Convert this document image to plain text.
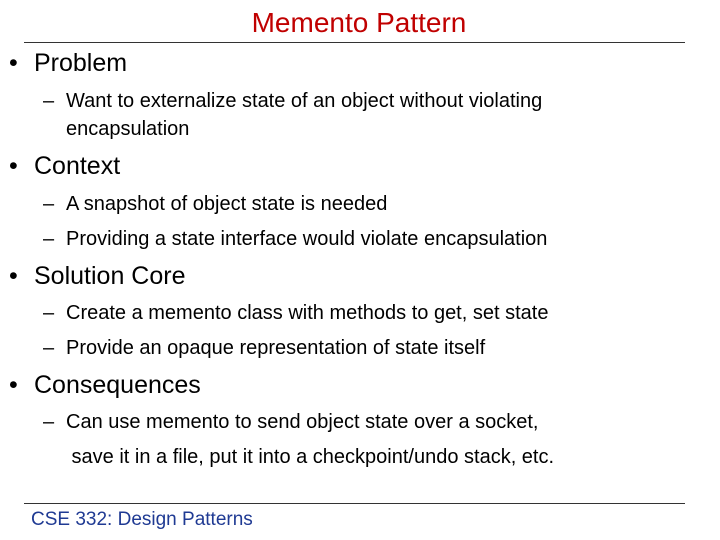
Memento Pattern
• Problem
– Want to externalize state of an object without violating
encapsulation
• Context
– A snapshot of object state is needed
– Providing a state interface would violate encapsulation
• Solution Core
– Create a memento class with methods to get, set state
– Provide an opaque representation of state itself
• Consequences
– Can use memento to send object state over a socket,
save it in a file, put it into a checkpoint/undo stack, etc.
CSE 332: Design Patterns
